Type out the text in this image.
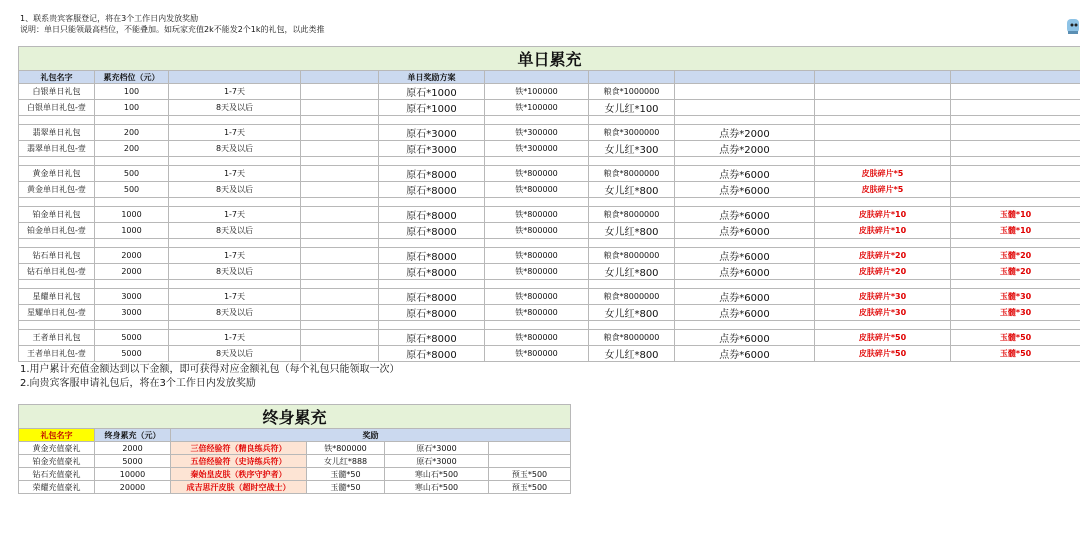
1、联系贵宾客服登记，将在3个工作日内发放奖励
说明：单日只能领最高档位，不能叠加。如玩家充值2k不能发2个1k的礼包，以此类推
单日累充									
礼包名字	累充档位（元）			单日奖励方案					
白银单日礼包	100	1-7天		原石*1000	铁*100000	粮食*1000000			
白银单日礼包-壹	100	8天及以后		原石*1000	铁*100000	女儿红*100			

翡翠单日礼包	200	1-7天		原石*3000	铁*300000	粮食*3000000	点券*2000		
翡翠单日礼包-壹	200	8天及以后		原石*3000	铁*300000	女儿红*300	点券*2000		

黄金单日礼包	500	1-7天		原石*8000	铁*800000	粮食*8000000	点券*6000	皮肤碎片*5	
黄金单日礼包-壹	500	8天及以后		原石*8000	铁*800000	女儿红*800	点券*6000	皮肤碎片*5	

铂金单日礼包	1000	1-7天		原石*8000	铁*800000	粮食*8000000	点券*6000	皮肤碎片*10	玉髓*10
铂金单日礼包-壹	1000	8天及以后		原石*8000	铁*800000	女儿红*800	点券*6000	皮肤碎片*10	玉髓*10

钻石单日礼包	2000	1-7天		原石*8000	铁*800000	粮食*8000000	点券*6000	皮肤碎片*20	玉髓*20
钻石单日礼包-壹	2000	8天及以后		原石*8000	铁*800000	女儿红*800	点券*6000	皮肤碎片*20	玉髓*20

星耀单日礼包	3000	1-7天		原石*8000	铁*800000	粮食*8000000	点券*6000	皮肤碎片*30	玉髓*30
星耀单日礼包-壹	3000	8天及以后		原石*8000	铁*800000	女儿红*800	点券*6000	皮肤碎片*30	玉髓*30

王者单日礼包	5000	1-7天		原石*8000	铁*800000	粮食*8000000	点券*6000	皮肤碎片*50	玉髓*50
王者单日礼包-壹	5000	8天及以后		原石*8000	铁*800000	女儿红*800	点券*6000	皮肤碎片*50	玉髓*50
1.用户累计充值金额达到以下金额，即可获得对应金额礼包（每个礼包只能领取一次）
2.向贵宾客服申请礼包后，将在3个工作日内发放奖励
终身累充					
礼包名字	终身累充（元）	奖励			
黄金充值豪礼	2000	三倍经验符（精良练兵符）	铁*800000	原石*3000	
铂金充值豪礼	5000	五倍经验符（史诗练兵符）	女儿红*888	原石*3000	
钻石充值豪礼	10000	秦始皇皮肤（秩序守护者）	玉髓*50	寒山石*500	预玉*500
荣耀充值豪礼	20000	成吉思汗皮肤（超时空战士）	玉髓*50	寒山石*500	预玉*500
